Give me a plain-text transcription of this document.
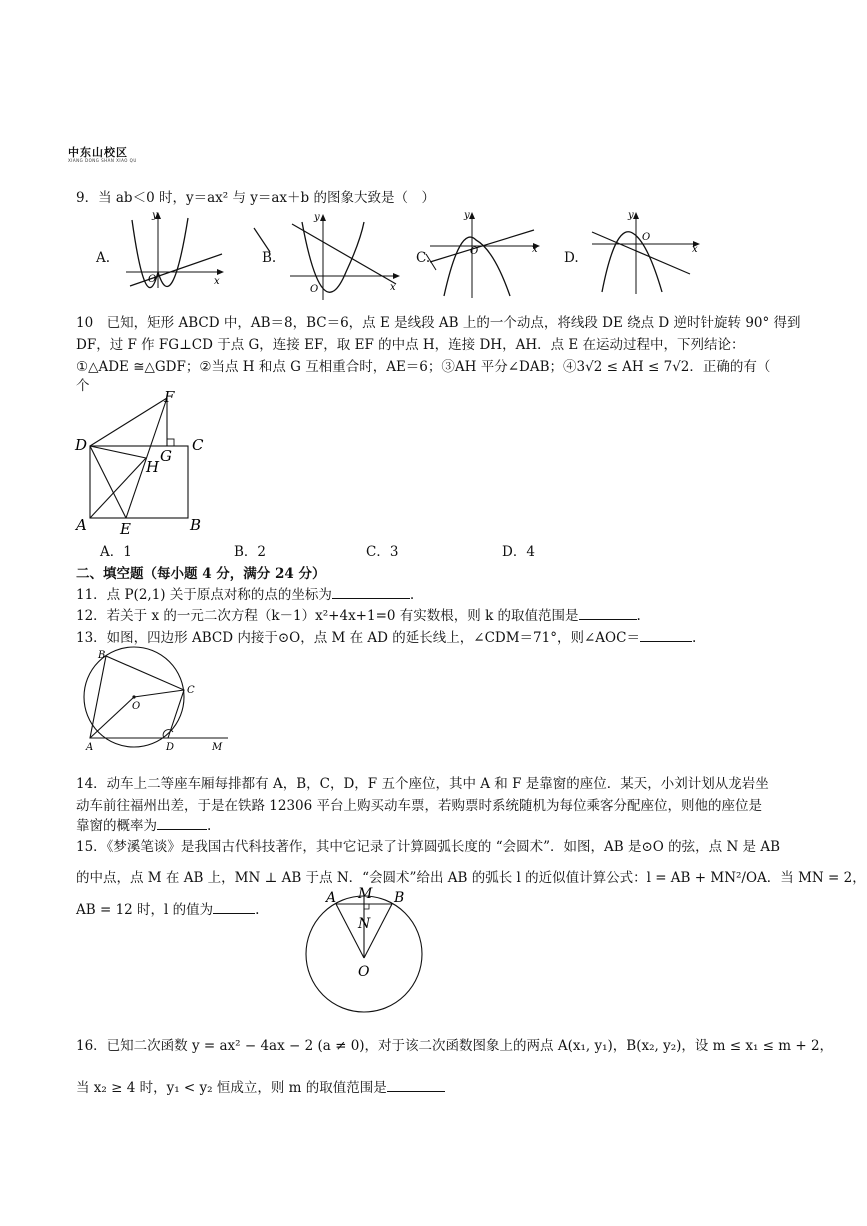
中东山校区
XIANG DONG SHAN XIAO QU
9．当 ab＜0 时，y＝ax² 与 y＝ax＋b 的图象大致是（　）
A.
y
x
O
B.
y
x
O
C.
y
x
O	D.
y
x
O
10　已知，矩形 ABCD 中，AB＝8，BC＝6，点 E 是线段 AB 上的一个动点，将线段 DE 绕点 D 逆时针旋转 90° 得到
DF，过 F 作 FG⊥CD 于点 G，连接 EF，取 EF 的中点 H，连接 DH，AH．点 E 在运动过程中，下列结论：
①△ADE ≅△GDF；②当点 H 和点 G 互相重合时，AE＝6；③AH 平分∠DAB；④3√2 ≤ AH ≤ 7√2．正确的有（
个
F
D
G
C
H
A E	B
A．1	B．2	C．3	D．4
二、填空题（每小题 4 分，满分 24 分）
11．点 P(2,1) 关于原点对称的点的坐标为	.
12．若关于 x 的一元二次方程（k－1）x²+4x+1=0 有实数根，则 k 的取值范围是	.
13．如图，四边形 ABCD 内接于⊙O，点 M 在 AD 的延长线上，∠CDM＝71°，则∠AOC＝	.
B
C
O
A	D	M
14．动车上二等座车厢每排都有 A，B，C，D，F 五个座位，其中 A 和 F 是靠窗的座位．某天，小刘计划从龙岩坐
动车前往福州出差，于是在铁路 12306 平台上购买动车票，若购票时系统随机为每位乘客分配座位，则他的座位是
靠窗的概率为	.
15．《梦溪笔谈》是我国古代科技著作，其中它记录了计算圆弧长度的 “会圆术”．如图，AB 是⊙O 的弦，点 N 是 AB
的中点，点 M 在 AB 上，MN ⊥ AB 于点 N．“会圆术”给出 AB 的弧长 l 的近似值计算公式：l = AB + MN²/OA．当 MN = 2，
AB = 12 时，l 的值为	.
A M B
N
O
16．已知二次函数 y = ax² − 4ax − 2 (a ≠ 0)，对于该二次函数图象上的两点 A(x₁, y₁)，B(x₂, y₂)，设 m ≤ x₁ ≤ m + 2，
当 x₂ ≥ 4 时，y₁ < y₂ 恒成立，则 m 的取值范围是
